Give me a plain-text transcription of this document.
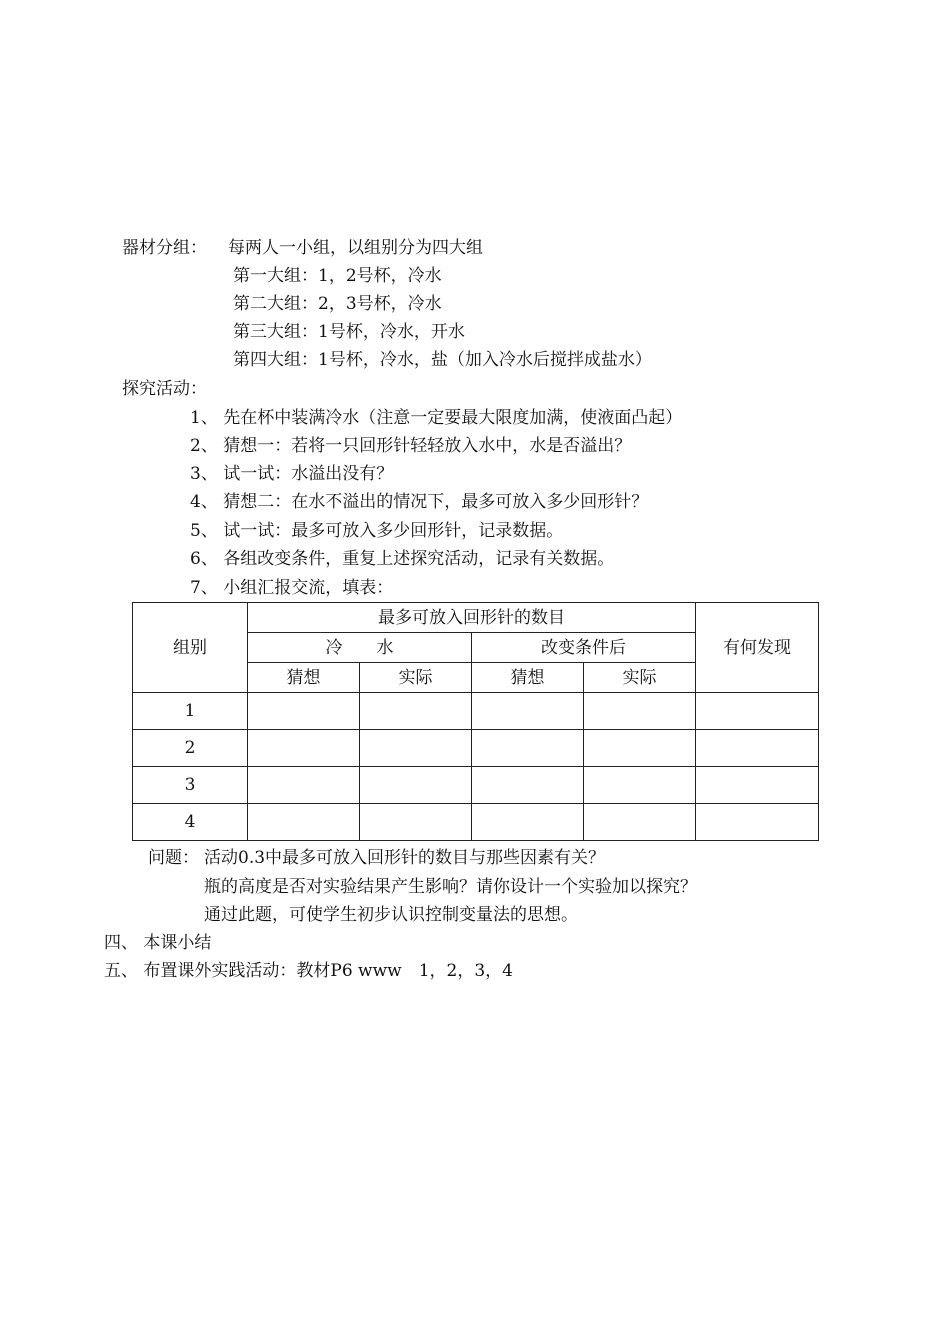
器材分组： 每两人一小组，以组别分为四大组
第一大组：1，2号杯，冷水
第二大组：2，3号杯，冷水
第三大组：1号杯，冷水，开水
第四大组：1号杯，冷水，盐（加入冷水后搅拌成盐水）
探究活动：
1、 先在杯中装满冷水（注意一定要最大限度加满，使液面凸起）
2、 猜想一：若将一只回形针轻轻放入水中，水是否溢出？
3、 试一试：水溢出没有？
4、 猜想二：在水不溢出的情况下，最多可放入多少回形针？
5、 试一试：最多可放入多少回形针，记录数据。
6、 各组改变条件，重复上述探究活动，记录有关数据。
7、 小组汇报交流，填表：
组别	最多可放入回形针的数目				有何发现
	冷　　水		改变条件后		
	猜想	实际	猜想	实际	
1					
2					
3					
4					
问题： 活动0.3中最多可放入回形针的数目与那些因素有关？
瓶的高度是否对实验结果产生影响？请你设计一个实验加以探究？
通过此题，可使学生初步认识控制变量法的思想。
四、 本课小结
五、 布置课外实践活动：教材P6 www　1，2，3，4
